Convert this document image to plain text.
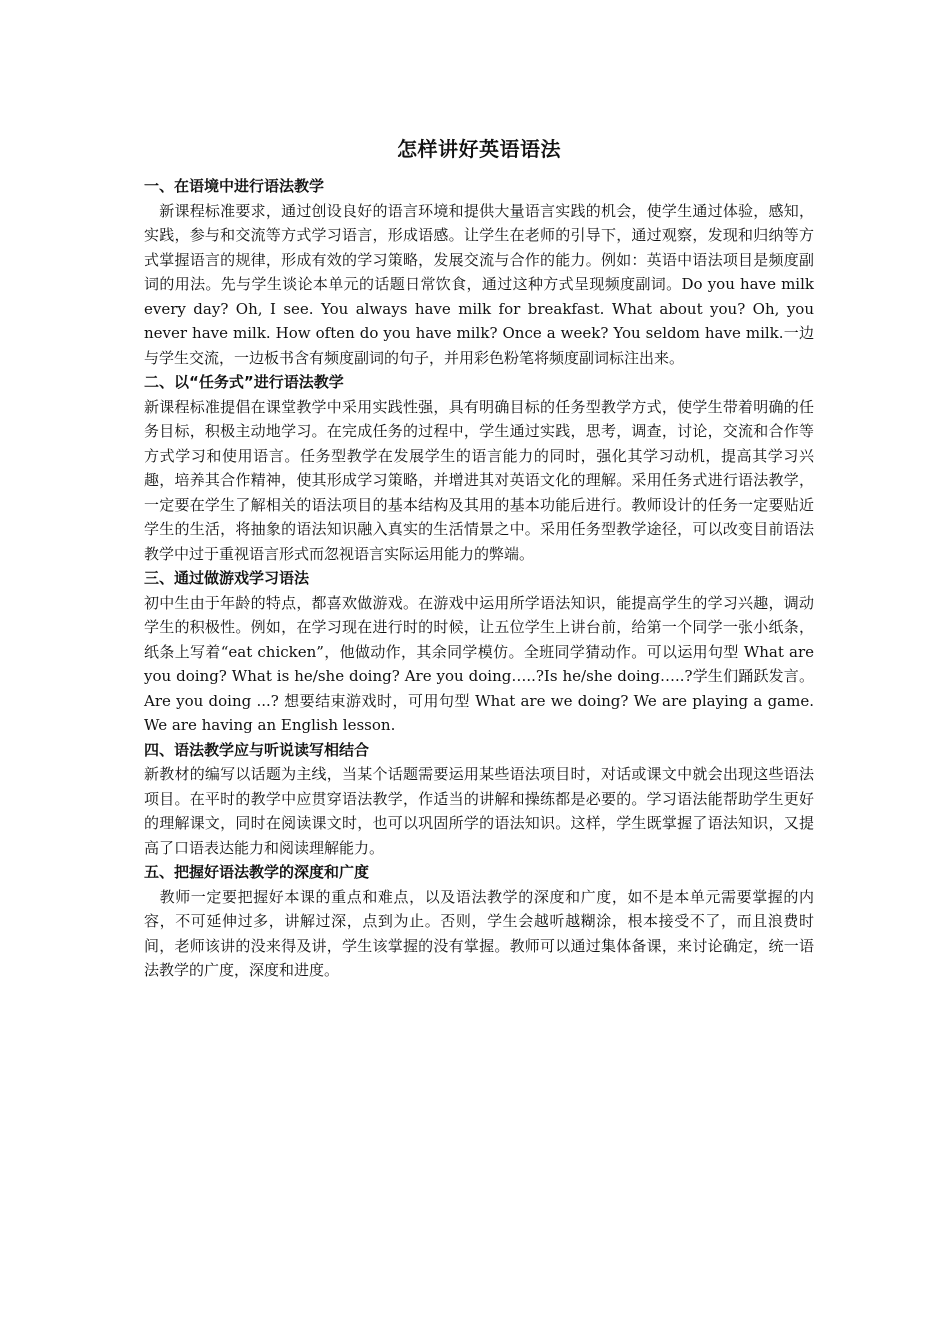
怎样讲好英语语法

一、在语境中进行语法教学

　新课程标准要求，通过创设良好的语言环境和提供大量语言实践的机会，使学生通过体验，感知，实践，参与和交流等方式学习语言，形成语感。让学生在老师的引导下，通过观察，发现和归纳等方式掌握语言的规律，形成有效的学习策略，发展交流与合作的能力。例如：英语中语法项目是频度副词的用法。先与学生谈论本单元的话题日常饮食，通过这种方式呈现频度副词。Do you have milk every day? Oh, I see. You always have milk for breakfast. What about you? Oh, you never have milk. How often do you have milk? Once a week? You seldom have milk.一边与学生交流，一边板书含有频度副词的句子，并用彩色粉笔将频度副词标注出来。

二、以“任务式”进行语法教学

新课程标准提倡在课堂教学中采用实践性强，具有明确目标的任务型教学方式，使学生带着明确的任务目标，积极主动地学习。在完成任务的过程中，学生通过实践，思考，调查，讨论，交流和合作等方式学习和使用语言。任务型教学在发展学生的语言能力的同时，强化其学习动机，提高其学习兴趣，培养其合作精神，使其形成学习策略，并增进其对英语文化的理解。采用任务式进行语法教学，一定要在学生了解相关的语法项目的基本结构及其用的基本功能后进行。教师设计的任务一定要贴近学生的生活，将抽象的语法知识融入真实的生活情景之中。采用任务型教学途径，可以改变目前语法教学中过于重视语言形式而忽视语言实际运用能力的弊端。

三、通过做游戏学习语法

初中生由于年龄的特点，都喜欢做游戏。在游戏中运用所学语法知识，能提高学生的学习兴趣，调动学生的积极性。例如，在学习现在进行时的时候，让五位学生上讲台前，给第一个同学一张小纸条，纸条上写着“eat chicken”，他做动作，其余同学模仿。全班同学猜动作。可以运用句型 What are you doing? What is he/she doing? Are you doing…..?Is he/she doing…..?学生们踊跃发言。Are you doing ...? 想要结束游戏时，可用句型 What are we doing? We are playing a game. We are having an English lesson.

四、语法教学应与听说读写相结合

新教材的编写以话题为主线，当某个话题需要运用某些语法项目时，对话或课文中就会出现这些语法项目。在平时的教学中应贯穿语法教学，作适当的讲解和操练都是必要的。学习语法能帮助学生更好的理解课文，同时在阅读课文时，也可以巩固所学的语法知识。这样，学生既掌握了语法知识，又提高了口语表达能力和阅读理解能力。

五、把握好语法教学的深度和广度

　教师一定要把握好本课的重点和难点，以及语法教学的深度和广度，如不是本单元需要掌握的内容，不可延伸过多，讲解过深，点到为止。否则，学生会越听越糊涂，根本接受不了，而且浪费时间，老师该讲的没来得及讲，学生该掌握的没有掌握。教师可以通过集体备课，来讨论确定，统一语法教学的广度，深度和进度。
